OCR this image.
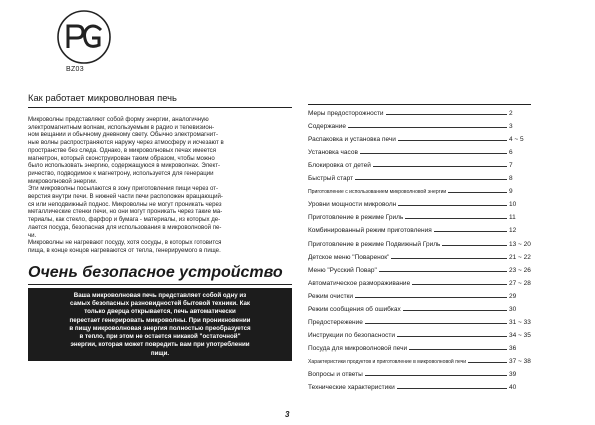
BZ03
Как работает микроволновая печь
Микроволны представляют собой форму энергии, аналогичную
электромагнитным волнам, используемым в радио и телевизион-
ном вещании и обычному дневному свету. Обычно электромагнит-
ные волны распространяются наружу через атмосферу и исчезают в
пространстве без следа. Однако, в микроволновых печах имеется
магнетрон, который сконструирован таким образом, чтобы можно
было использовать энергию, содержащуюся в микроволнах. Элект-
ричество, подводимое к магнетрону, используется для генерации
микроволновой энергии.
Эти микроволны посылаются в зону приготовления пищи через от-
верстия внутри печи. В нижней части печи расположен вращающий-
ся или неподвижный поднос. Микроволны не могут проникать через
металлические стенки печи, но они могут проникать через такие ма-
териалы, как стекло, фарфор и бумага - материалы, из которых де-
лается посуда, безопасная для использования в микроволновой пе-
чи.
Микроволны не нагревают посуду, хотя сосуды, в которых готовится
пища, в конце концов нагреваются от тепла, генерируемого в пище.
Очень безопасное устройство
Ваша микроволновая печь представляет собой одну из
самых безопасных разновидностей бытовой техники. Как
только дверца открывается, печь автоматически
перестает генерировать микроволны. При проникновении
в пищу микроволновая энергия полностью преобразуется
в тепло, при этом не остается никакой "остаточной"
энергии, которая может повредить вам при употреблении
пищи.
Меры предосторожности	2
Содержание	3
Распаковка и установка печи	4 ~ 5
Установка часов	6
Блокировка от детей	7
Быстрый старт	8
Приготовление с использованием микроволновой энергии	9
Уровни мощности микроволн	10
Приготовление в режиме Гриль	11
Комбинированный режим приготовления	12
Приготовление в режиме Подвижный Гриль	13 ~ 20
Детское меню "Поваренок"	21 ~ 22
Меню "Русский Повар"	23 ~ 26
Автоматическое размораживание	27 ~ 28
Режим очистки	29
Режим сообщения об ошибках	30
Предостережение	31 ~ 33
Инструкции по безопасности	34 ~ 35
Посуда для микроволновой печи	36
Характеристики продуктов и приготовление в микроволновой печи	37 ~ 38
Вопросы и ответы	39
Технические характеристики	40
3
